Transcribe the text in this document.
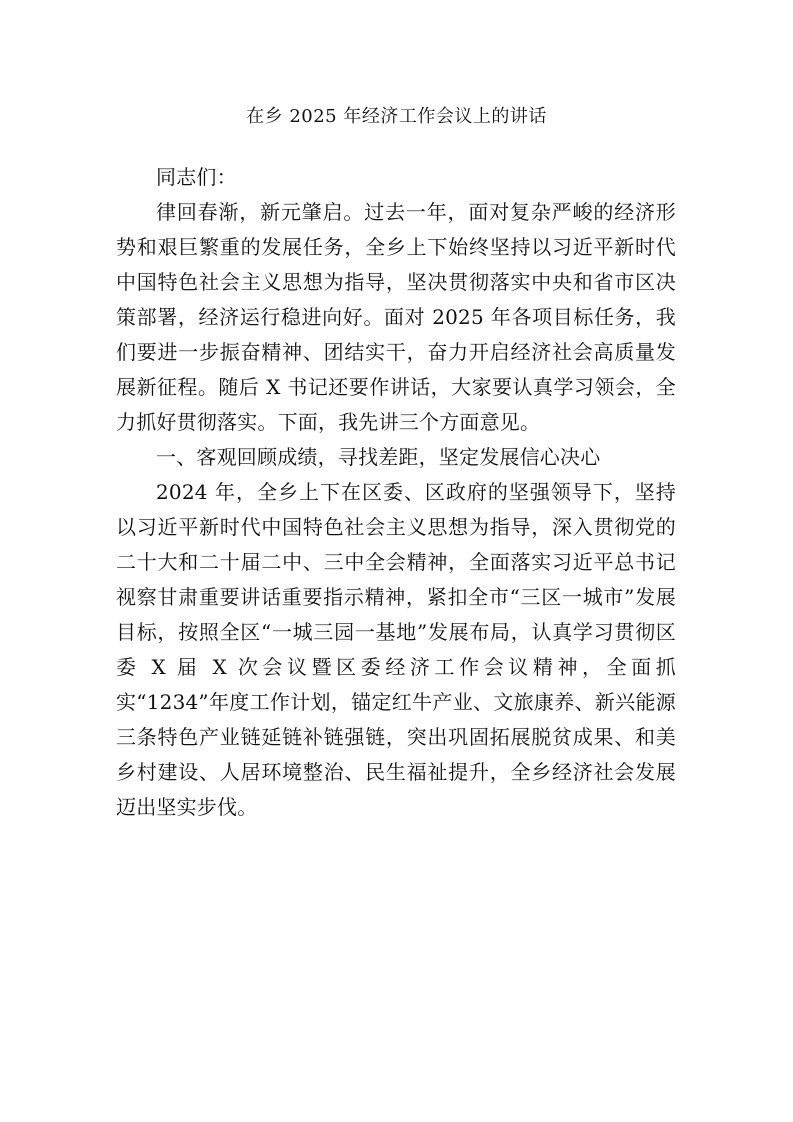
在乡 2025 年经济工作会议上的讲话

同志们：

律回春渐，新元肇启。过去一年，面对复杂严峻的经济形势和艰巨繁重的发展任务，全乡上下始终坚持以习近平新时代中国特色社会主义思想为指导，坚决贯彻落实中央和省市区决策部署，经济运行稳进向好。面对 2025 年各项目标任务，我们要进一步振奋精神、团结实干，奋力开启经济社会高质量发展新征程。随后 X 书记还要作讲话，大家要认真学习领会，全力抓好贯彻落实。下面，我先讲三个方面意见。

一、客观回顾成绩，寻找差距，坚定发展信心决心

2024 年，全乡上下在区委、区政府的坚强领导下，坚持以习近平新时代中国特色社会主义思想为指导，深入贯彻党的二十大和二十届二中、三中全会精神，全面落实习近平总书记视察甘肃重要讲话重要指示精神，紧扣全市“三区一城市”发展目标，按照全区“一城三园一基地”发展布局，认真学习贯彻区委 X 届 X 次会议暨区委经济工作会议精神，全面抓实“1234”年度工作计划，锚定红牛产业、文旅康养、新兴能源三条特色产业链延链补链强链，突出巩固拓展脱贫成果、和美乡村建设、人居环境整治、民生福祉提升，全乡经济社会发展迈出坚实步伐。
